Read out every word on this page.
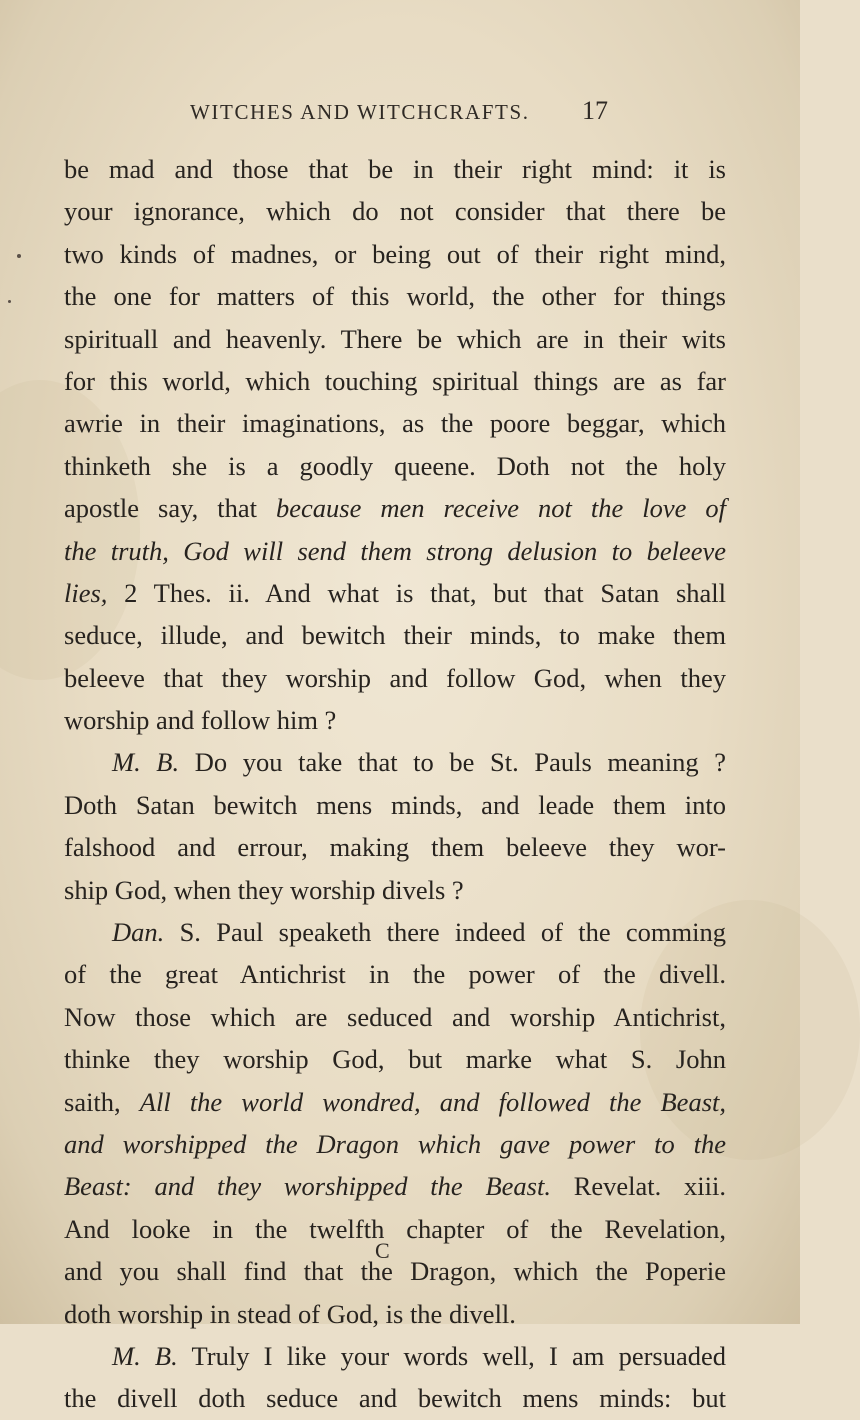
WITCHES AND WITCHCRAFTS.	17
be mad and those that be in their right mind: it is
your ignorance, which do not consider that there be
two kinds of madnes, or being out of their right mind,
the one for matters of this world, the other for things
spirituall and heavenly. There be which are in their wits
for this world, which touching spiritual things are as far
awrie in their imaginations, as the poore beggar, which
thinketh she is a goodly queene. Doth not the holy
apostle say, that because men receive not the love of
the truth, God will send them strong delusion to beleeve
lies, 2 Thes. ii. And what is that, but that Satan shall
seduce, illude, and bewitch their minds, to make them
beleeve that they worship and follow God, when they
worship and follow him ?
M. B. Do you take that to be St. Pauls meaning ?
Doth Satan bewitch mens minds, and leade them into
falshood and errour, making them beleeve they wor-
ship God, when they worship divels ?
Dan. S. Paul speaketh there indeed of the comming
of the great Antichrist in the power of the divell.
Now those which are seduced and worship Antichrist,
thinke they worship God, but marke what S. John
saith, All the world wondred, and followed the Beast,
and worshipped the Dragon which gave power to the
Beast: and they worshipped the Beast. Revelat. xiii.
And looke in the twelfth chapter of the Revelation,
and you shall find that the Dragon, which the Poperie
doth worship in stead of God, is the divell.
M. B. Truly I like your words well, I am persuaded
the divell doth seduce and bewitch mens minds: but
C
